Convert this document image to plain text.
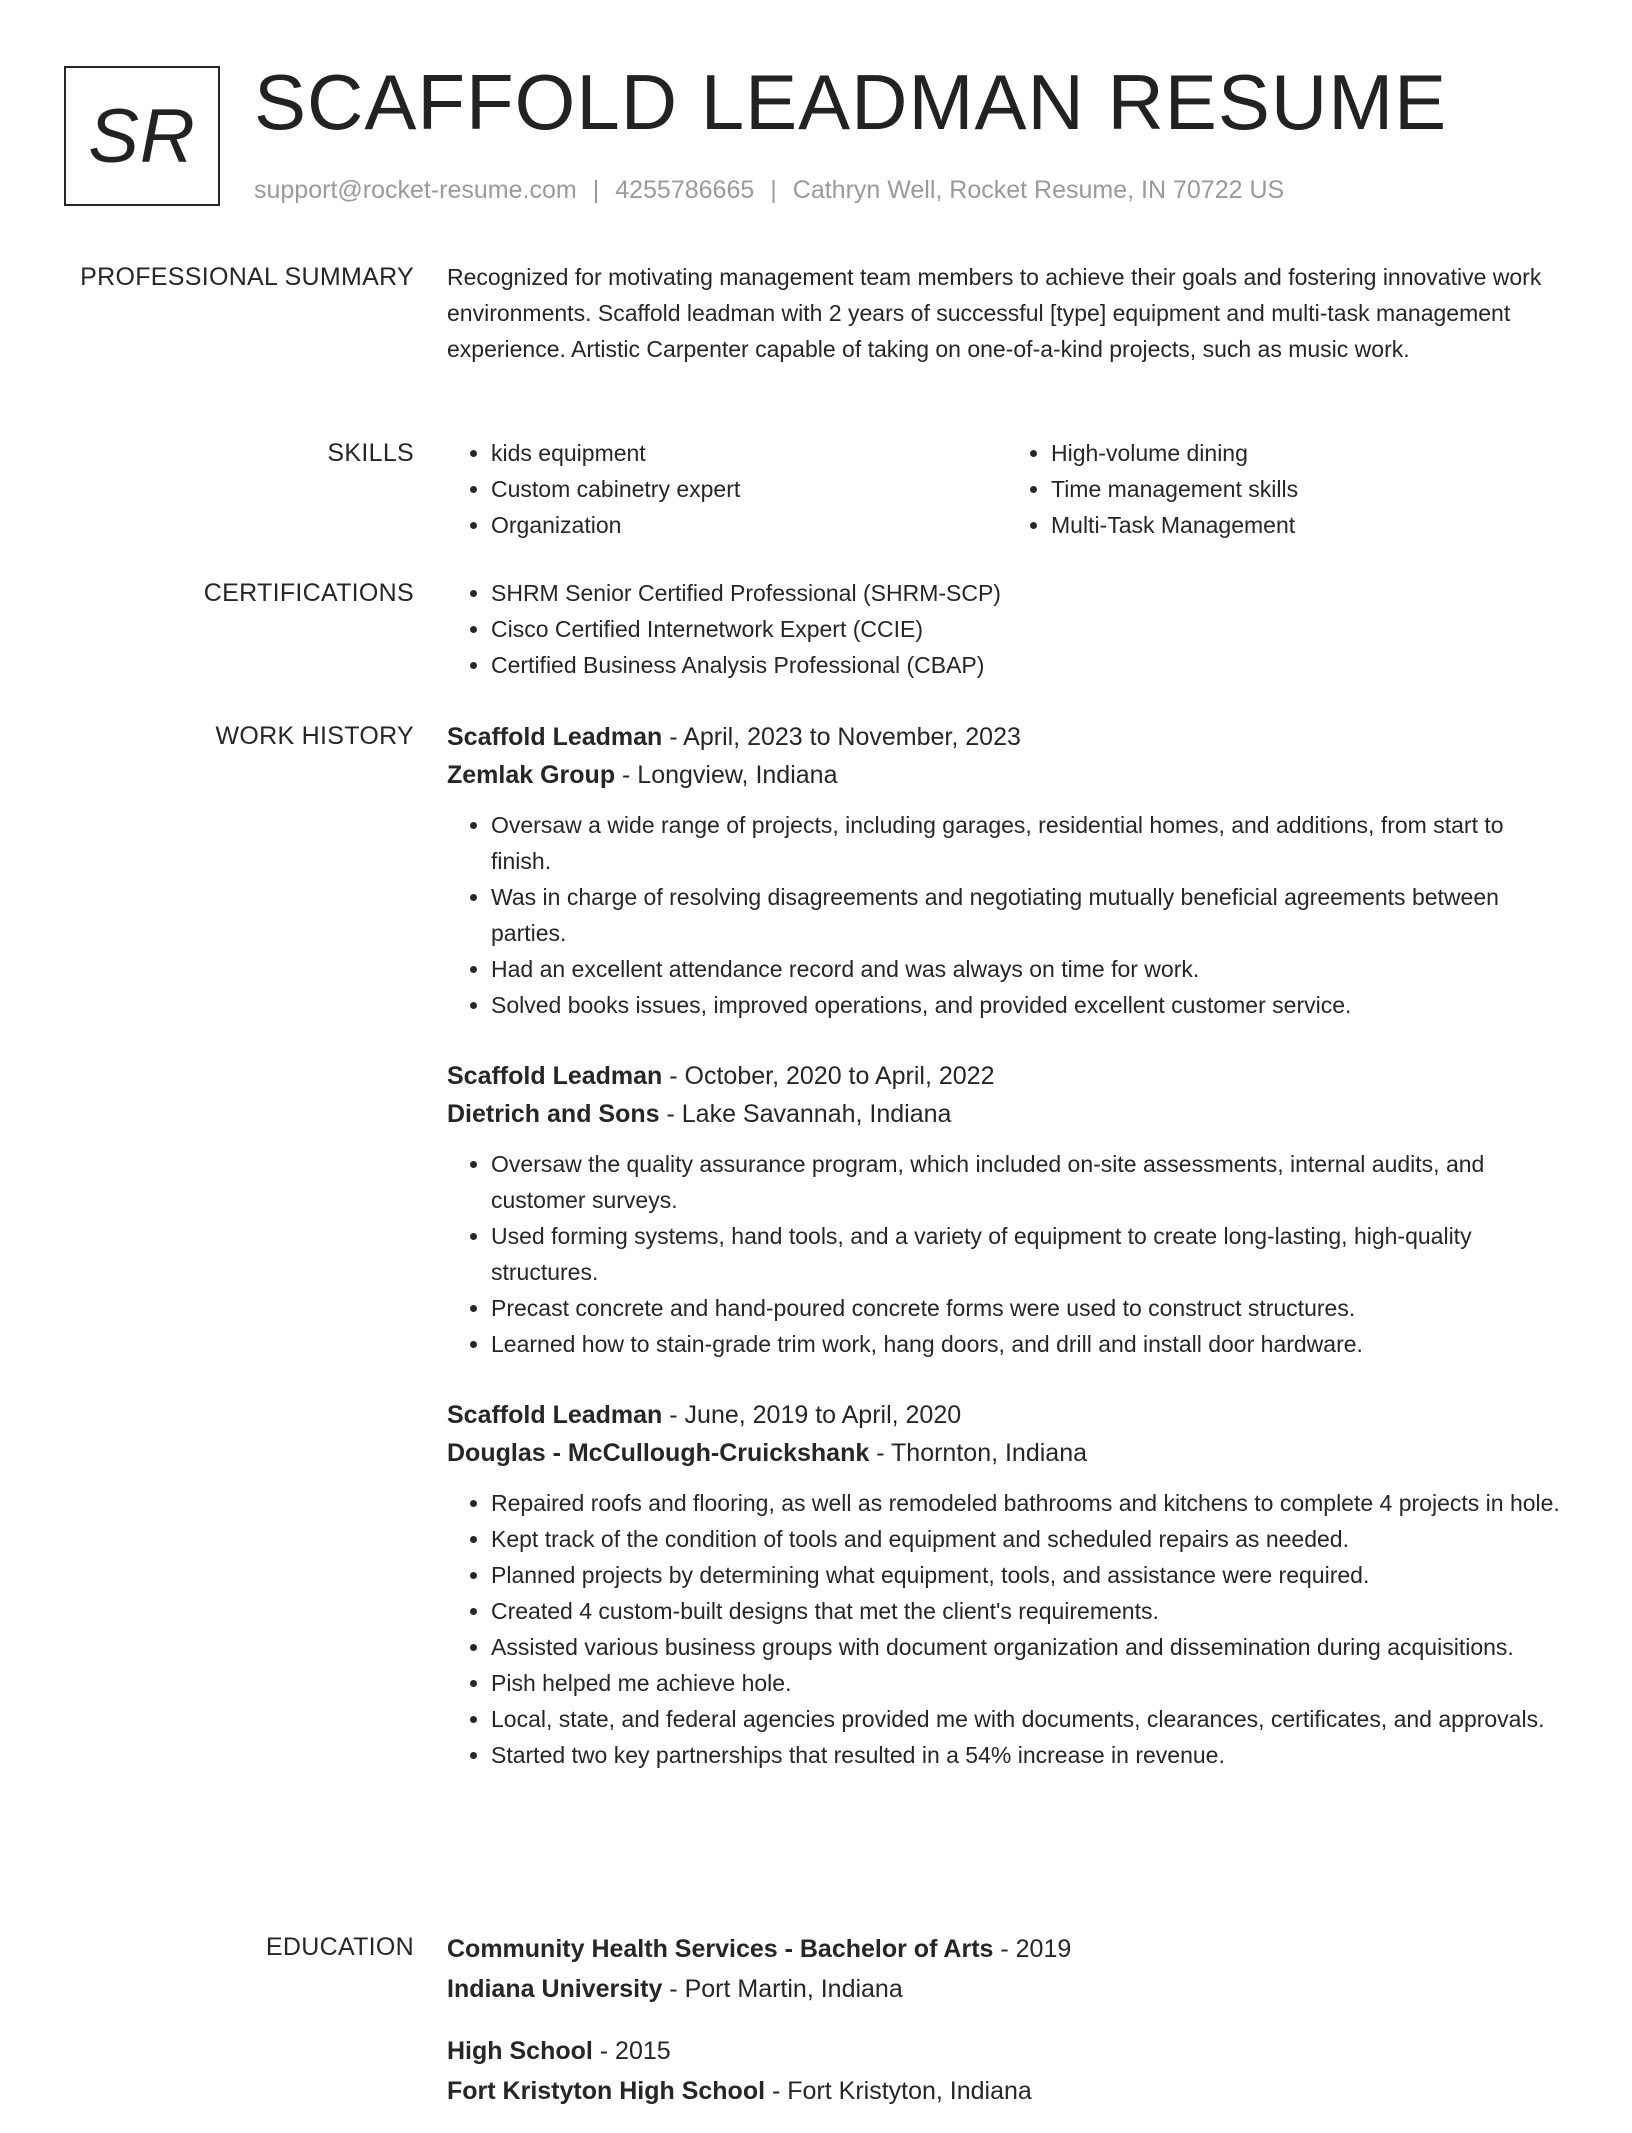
SR SCAFFOLD LEADMAN RESUME
support@rocket-resume.com | 4255786665 | Cathryn Well, Rocket Resume, IN 70722 US
PROFESSIONAL SUMMARY Recognized for motivating management team members to achieve their goals and fostering innovative work environments. Scaffold leadman with 2 years of successful [type] equipment and multi-task management experience. Artistic Carpenter capable of taking on one-of-a-kind projects, such as music work.

SKILLS	• kids equipment
• Custom cabinetry expert
• Organization
• High-volume dining
• Time management skills
• Multi-Task Management
CERTIFICATIONS	• SHRM Senior Certified Professional (SHRM-SCP)
• Cisco Certified Internetwork Expert (CCIE)
• Certified Business Analysis Professional (CBAP)
WORK HISTORY Scaffold Leadman - April, 2023 to November, 2023
Zemlak Group - Longview, Indiana
• Oversaw a wide range of projects, including garages, residential homes, and additions, from start to finish.
• Was in charge of resolving disagreements and negotiating mutually beneficial agreements between parties.
• Had an excellent attendance record and was always on time for work.
• Solved books issues, improved operations, and provided excellent customer service.
Scaffold Leadman - October, 2020 to April, 2022
Dietrich and Sons - Lake Savannah, Indiana
• Oversaw the quality assurance program, which included on-site assessments, internal audits, and customer surveys.
• Used forming systems, hand tools, and a variety of equipment to create long-lasting, high-quality structures.
• Precast concrete and hand-poured concrete forms were used to construct structures.
• Learned how to stain-grade trim work, hang doors, and drill and install door hardware.
Scaffold Leadman - June, 2019 to April, 2020
Douglas - McCullough-Cruickshank - Thornton, Indiana
• Repaired roofs and flooring, as well as remodeled bathrooms and kitchens to complete 4 projects in hole.
• Kept track of the condition of tools and equipment and scheduled repairs as needed.
• Planned projects by determining what equipment, tools, and assistance were required.
• Created 4 custom-built designs that met the client's requirements.
• Assisted various business groups with document organization and dissemination during acquisitions.
• Pish helped me achieve hole.
• Local, state, and federal agencies provided me with documents, clearances, certificates, and approvals.
• Started two key partnerships that resulted in a 54% increase in revenue.
EDUCATION Community Health Services - Bachelor of Arts - 2019
Indiana University - Port Martin, Indiana
High School - 2015
Fort Kristyton High School - Fort Kristyton, Indiana
